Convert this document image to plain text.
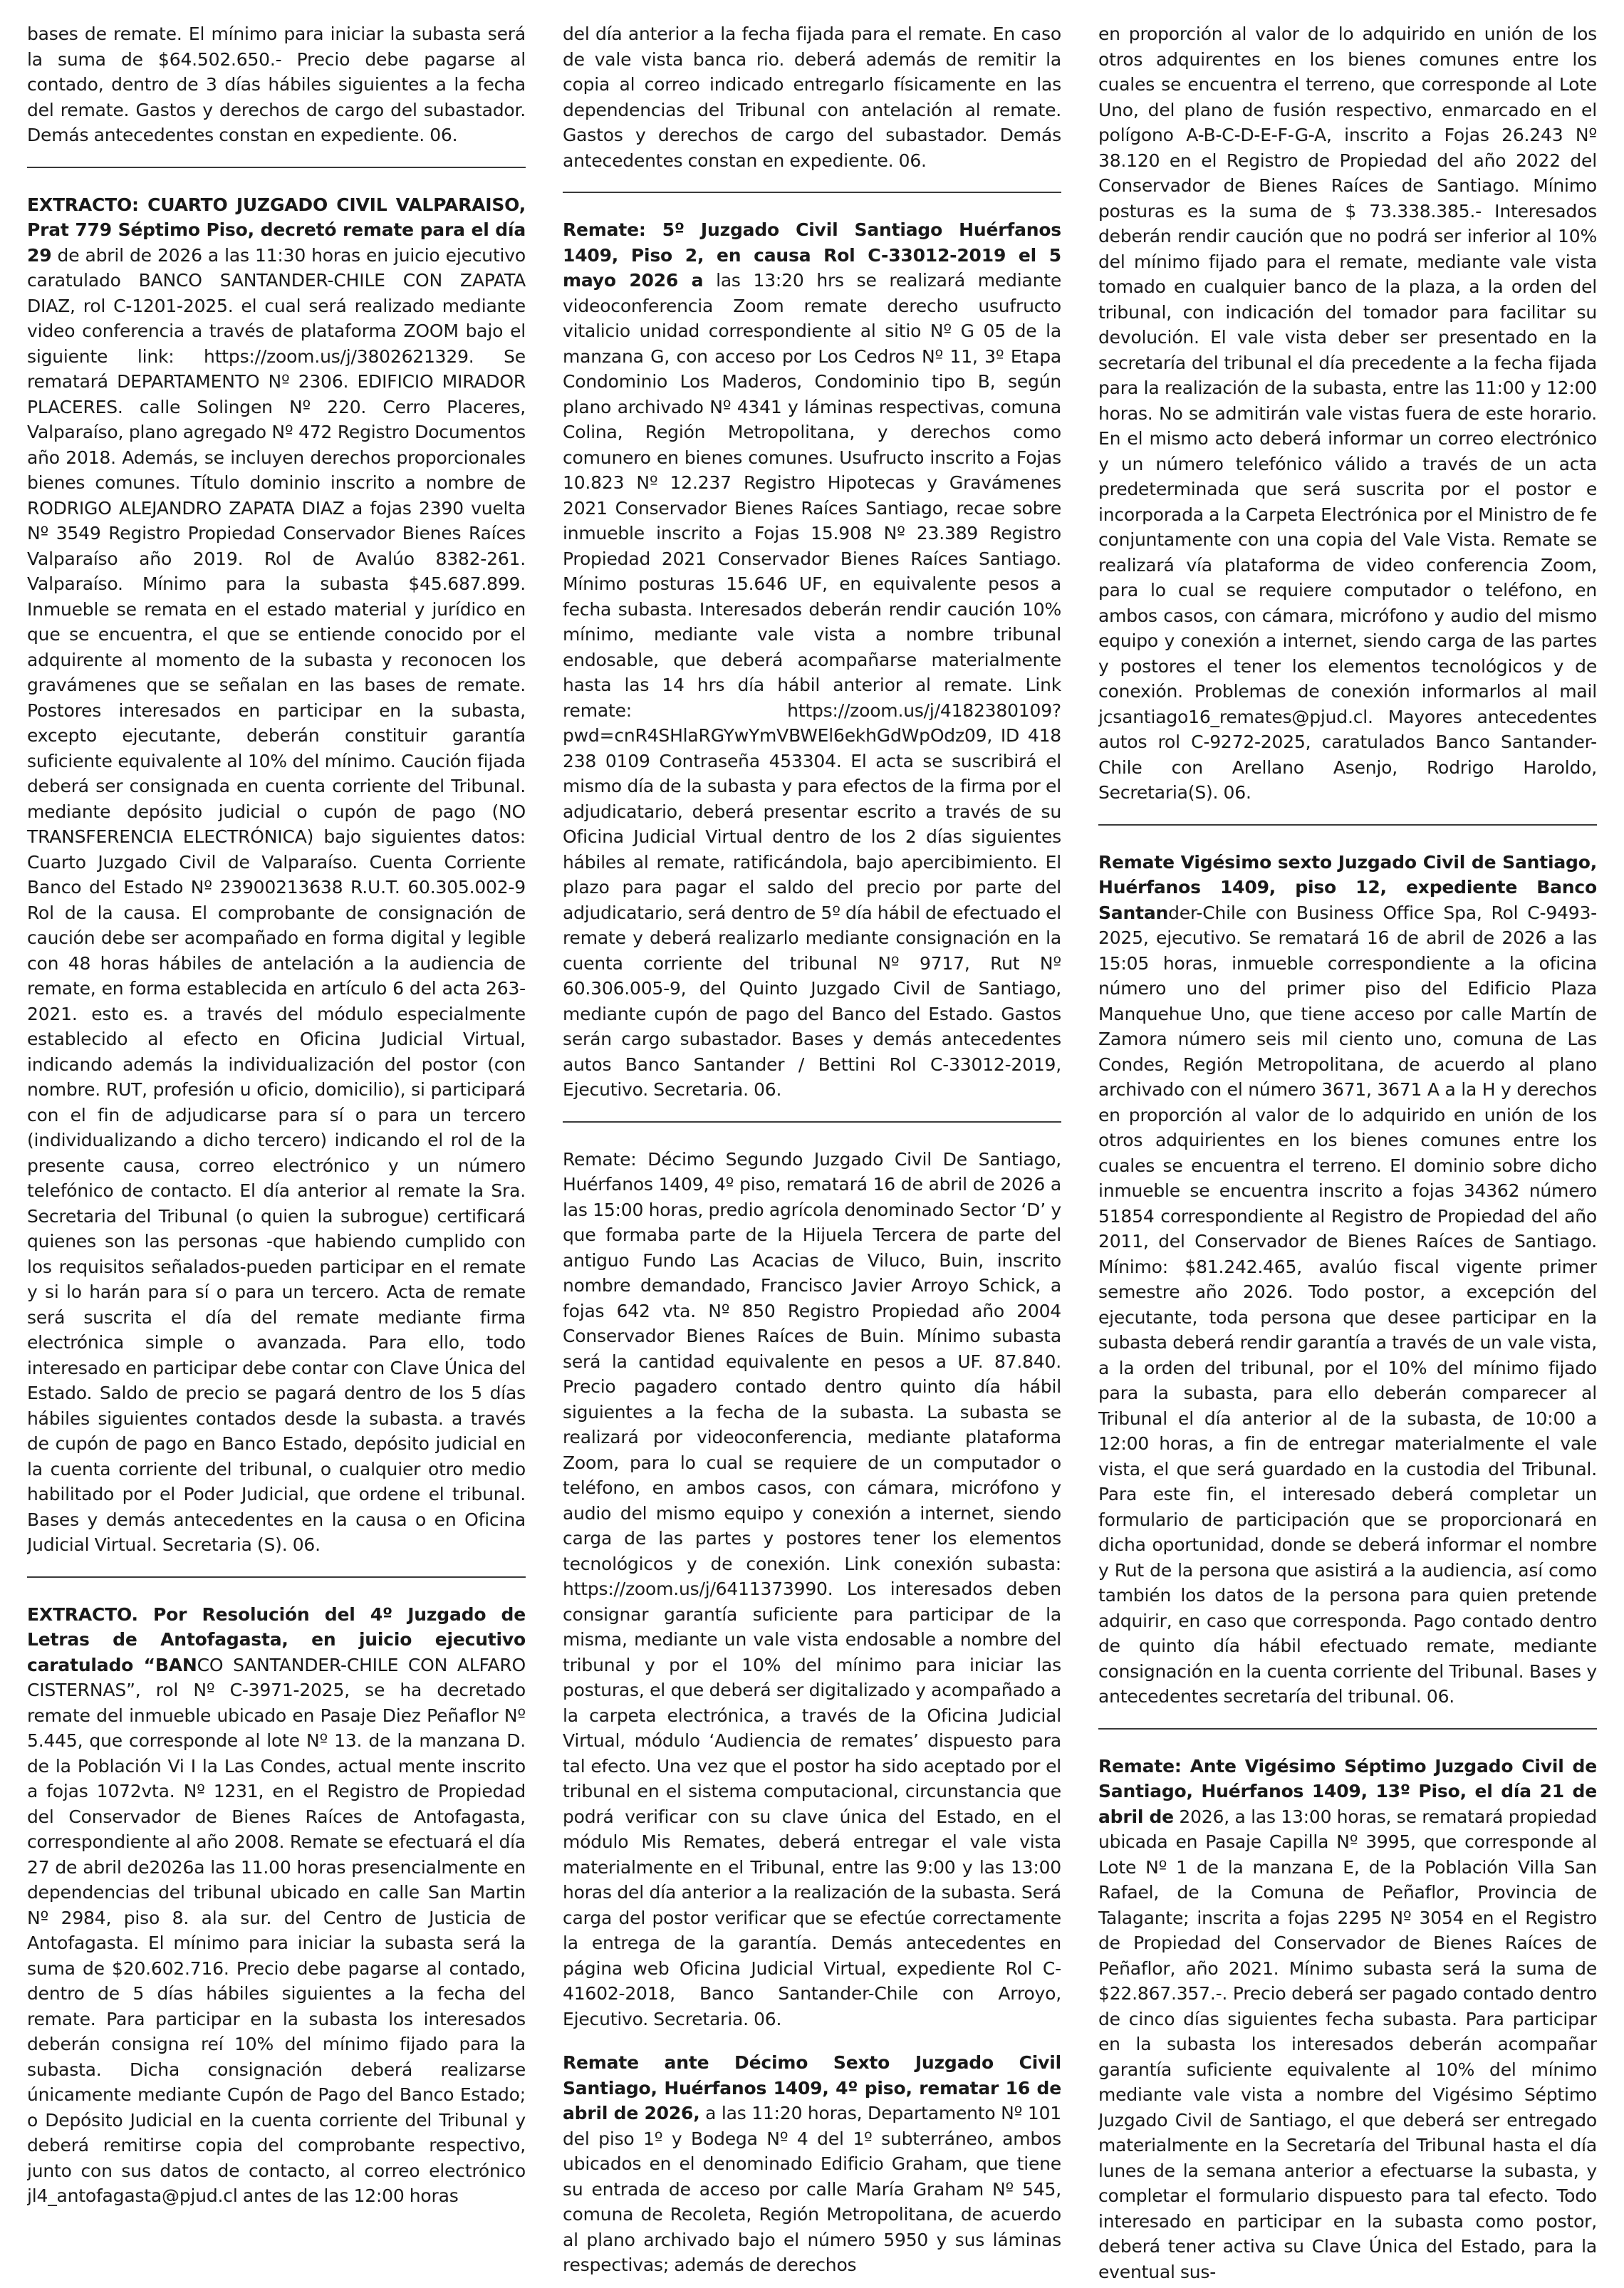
bases de remate. El mínimo para iniciar la subasta será la suma de $64.502.650.- Precio debe pagarse al contado, dentro de 3 días hábiles siguientes a la fecha del remate. Gastos y derechos de cargo del subastador. Demás antecedentes constan en expediente. 06.

EXTRACTO: CUARTO JUZGADO CIVIL VALPARAISO, Prat 779 Séptimo Piso, decretó remate para el día 29 de abril de 2026 a las 11:30 horas en juicio ejecutivo caratulado BANCO SANTANDER-CHILE CON ZAPATA DIAZ, rol C-1201-2025. el cual será realizado mediante video conferencia a través de plataforma ZOOM bajo el siguiente link: https://zoom.us/j/3802621329. Se rematará DEPARTAMENTO Nº 2306. EDIFICIO MIRADOR PLACERES. calle Solingen Nº 220. Cerro Placeres, Valparaíso, plano agregado Nº 472 Registro Documentos año 2018. Además, se incluyen derechos proporcionales bienes comunes. Título dominio inscrito a nombre de RODRIGO ALEJANDRO ZAPATA DIAZ a fojas 2390 vuelta Nº 3549 Registro Propiedad Conservador Bienes Raíces Valparaíso año 2019. Rol de Avalúo 8382-261. Valparaíso. Mínimo para la subasta $45.687.899. Inmueble se remata en el estado material y jurídico en que se encuentra, el que se entiende conocido por el adquirente al momento de la subasta y reconocen los gravámenes que se señalan en las bases de remate. Postores interesados en participar en la subasta, excepto ejecutante, deberán constituir garantía suficiente equivalente al 10% del mínimo. Caución fijada deberá ser consignada en cuenta corriente del Tribunal. mediante depósito judicial o cupón de pago (NO TRANSFERENCIA ELECTRÓNICA) bajo siguientes datos: Cuarto Juzgado Civil de Valparaíso. Cuenta Corriente Banco del Estado Nº 23900213638 R.U.T. 60.305.002-9 Rol de la causa. El comprobante de consignación de caución debe ser acompañado en forma digital y legible con 48 horas hábiles de antelación a la audiencia de remate, en forma establecida en artículo 6 del acta 263-2021. esto es. a través del módulo especialmente establecido al efecto en Oficina Judicial Virtual, indicando además la individualización del postor (con nombre. RUT, profesión u oficio, domicilio), si participará con el fin de adjudicarse para sí o para un tercero (individualizando a dicho tercero) indicando el rol de la presente causa, correo electrónico y un número telefónico de contacto. El día anterior al remate la Sra. Secretaria del Tribunal (o quien la subrogue) certificará quienes son las personas -que habiendo cumplido con los requisitos señalados-pueden participar en el remate y si lo harán para sí o para un tercero. Acta de remate será suscrita el día del remate mediante firma electrónica simple o avanzada. Para ello, todo interesado en participar debe contar con Clave Única del Estado. Saldo de precio se pagará dentro de los 5 días hábiles siguientes contados desde la subasta. a través de cupón de pago en Banco Estado, depósito judicial en la cuenta corriente del tribunal, o cualquier otro medio habilitado por el Poder Judicial, que ordene el tribunal. Bases y demás antecedentes en la causa o en Oficina Judicial Virtual. Secretaria (S). 06.

EXTRACTO. Por Resolución del 4º Juzgado de Letras de Antofagasta, en juicio ejecutivo caratulado “BANCO SANTANDER-CHILE CON ALFARO CISTERNAS”, rol Nº C-3971-2025, se ha decretado remate del inmueble ubicado en Pasaje Diez Peñaflor Nº 5.445, que corresponde al lote Nº 13. de la manzana D. de la Población Vi I la Las Condes, actual mente inscrito a fojas 1072vta. Nº 1231, en el Registro de Propiedad del Conservador de Bienes Raíces de Antofagasta, correspondiente al año 2008. Remate se efectuará el día 27 de abril de2026a las 11.00 horas presencialmente en dependencias del tribunal ubicado en calle San Martin Nº 2984, piso 8. ala sur. del Centro de Justicia de Antofagasta. El mínimo para iniciar la subasta será la suma de $20.602.716. Precio debe pagarse al contado, dentro de 5 días hábiles siguientes a la fecha del remate. Para participar en la subasta los interesados deberán consigna reí 10% del mínimo fijado para la subasta. Dicha consignación deberá realizarse únicamente mediante Cupón de Pago del Banco Estado; o Depósito Judicial en la cuenta corriente del Tribunal y deberá remitirse copia del comprobante respectivo, junto con sus datos de contacto, al correo electrónico jl4_antofagasta@pjud.cl antes de las 12:00 horas

del día anterior a la fecha fijada para el remate. En caso de vale vista banca rio. deberá además de remitir la copia al correo indicado entregarlo físicamente en las dependencias del Tribunal con antelación al remate. Gastos y derechos de cargo del subastador. Demás antecedentes constan en expediente. 06.

Remate: 5º Juzgado Civil Santiago Huérfanos 1409, Piso 2, en causa Rol C-33012-2019 el 5 mayo 2026 a las 13:20 hrs se realizará mediante videoconferencia Zoom remate derecho usufructo vitalicio unidad correspondiente al sitio Nº G 05 de la manzana G, con acceso por Los Cedros Nº 11, 3º Etapa Condominio Los Maderos, Condominio tipo B, según plano archivado Nº 4341 y láminas respectivas, comuna Colina, Región Metropolitana, y derechos como comunero en bienes comunes. Usufructo inscrito a Fojas 10.823 Nº 12.237 Registro Hipotecas y Gravámenes 2021 Conservador Bienes Raíces Santiago, recae sobre inmueble inscrito a Fojas 15.908 Nº 23.389 Registro Propiedad 2021 Conservador Bienes Raíces Santiago. Mínimo posturas 15.646 UF, en equivalente pesos a fecha subasta. Interesados deberán rendir caución 10% mínimo, mediante vale vista a nombre tribunal endosable, que deberá acompañarse materialmente hasta las 14 hrs día hábil anterior al remate. Link remate: https://zoom.us/j/4182380109?pwd=cnR4SHlaRGYwYmVBWEl6ekhGdWpOdz09, ID 418 238 0109 Contraseña 453304. El acta se suscribirá el mismo día de la subasta y para efectos de la firma por el adjudicatario, deberá presentar escrito a través de su Oficina Judicial Virtual dentro de los 2 días siguientes hábiles al remate, ratificándola, bajo apercibimiento. El plazo para pagar el saldo del precio por parte del adjudicatario, será dentro de 5º día hábil de efectuado el remate y deberá realizarlo mediante consignación en la cuenta corriente del tribunal Nº 9717, Rut Nº 60.306.005-9, del Quinto Juzgado Civil de Santiago, mediante cupón de pago del Banco del Estado. Gastos serán cargo subastador. Bases y demás antecedentes autos Banco Santander / Bettini Rol C-33012-2019, Ejecutivo. Secretaria. 06.

Remate: Décimo Segundo Juzgado Civil De Santiago, Huérfanos 1409, 4º piso, rematará 16 de abril de 2026 a las 15:00 horas, predio agrícola denominado Sector ‘D’ y que formaba parte de la Hijuela Tercera de parte del antiguo Fundo Las Acacias de Viluco, Buin, inscrito nombre demandado, Francisco Javier Arroyo Schick, a fojas 642 vta. Nº 850 Registro Propiedad año 2004 Conservador Bienes Raíces de Buin. Mínimo subasta será la cantidad equivalente en pesos a UF. 87.840. Precio pagadero contado dentro quinto día hábil siguientes a la fecha de la subasta. La subasta se realizará por videoconferencia, mediante plataforma Zoom, para lo cual se requiere de un computador o teléfono, en ambos casos, con cámara, micrófono y audio del mismo equipo y conexión a internet, siendo carga de las partes y postores tener los elementos tecnológicos y de conexión. Link conexión subasta: https://zoom.us/j/6411373990. Los interesados deben consignar garantía suficiente para participar de la misma, mediante un vale vista endosable a nombre del tribunal y por el 10% del mínimo para iniciar las posturas, el que deberá ser digitalizado y acompañado a la carpeta electrónica, a través de la Oficina Judicial Virtual, módulo ‘Audiencia de remates’ dispuesto para tal efecto. Una vez que el postor ha sido aceptado por el tribunal en el sistema computacional, circunstancia que podrá verificar con su clave única del Estado, en el módulo Mis Remates, deberá entregar el vale vista materialmente en el Tribunal, entre las 9:00 y las 13:00 horas del día anterior a la realización de la subasta. Será carga del postor verificar que se efectúe correctamente la entrega de la garantía. Demás antecedentes en página web Oficina Judicial Virtual, expediente Rol C-41602-2018, Banco Santander-Chile con Arroyo, Ejecutivo. Secretaria. 06.

Remate ante Décimo Sexto Juzgado Civil Santiago, Huérfanos 1409, 4º piso, rematar 16 de abril de 2026, a las 11:20 horas, Departamento Nº 101 del piso 1º y Bodega Nº 4 del 1º subterráneo, ambos ubicados en el denominado Edificio Graham, que tiene su entrada de acceso por calle María Graham Nº 545, comuna de Recoleta, Región Metropolitana, de acuerdo al plano archivado bajo el número 5950 y sus láminas respectivas; además de derechos

en proporción al valor de lo adquirido en unión de los otros adquirentes en los bienes comunes entre los cuales se encuentra el terreno, que corresponde al Lote Uno, del plano de fusión respectivo, enmarcado en el polígono A-B-C-D-E-F-G-A, inscrito a Fojas 26.243 Nº 38.120 en el Registro de Propiedad del año 2022 del Conservador de Bienes Raíces de Santiago. Mínimo posturas es la suma de $ 73.338.385.- Interesados deberán rendir caución que no podrá ser inferior al 10% del mínimo fijado para el remate, mediante vale vista tomado en cualquier banco de la plaza, a la orden del tribunal, con indicación del tomador para facilitar su devolución. El vale vista deber ser presentado en la secretaría del tribunal el día precedente a la fecha fijada para la realización de la subasta, entre las 11:00 y 12:00 horas. No se admitirán vale vistas fuera de este horario. En el mismo acto deberá informar un correo electrónico y un número telefónico válido a través de un acta predeterminada que será suscrita por el postor e incorporada a la Carpeta Electrónica por el Ministro de fe conjuntamente con una copia del Vale Vista. Remate se realizará vía plataforma de video conferencia Zoom, para lo cual se requiere computador o teléfono, en ambos casos, con cámara, micrófono y audio del mismo equipo y conexión a internet, siendo carga de las partes y postores el tener los elementos tecnológicos y de conexión. Problemas de conexión informarlos al mail jcsantiago16_remates@pjud.cl. Mayores antecedentes autos rol C-9272-2025, caratulados Banco Santander-Chile con Arellano Asenjo, Rodrigo Haroldo, Secretaria(S). 06.

Remate Vigésimo sexto Juzgado Civil de Santiago, Huérfanos 1409, piso 12, expediente Banco Santander-Chile con Business Office Spa, Rol C-9493-2025, ejecutivo. Se rematará 16 de abril de 2026 a las 15:05 horas, inmueble correspondiente a la oficina número uno del primer piso del Edificio Plaza Manquehue Uno, que tiene acceso por calle Martín de Zamora número seis mil ciento uno, comuna de Las Condes, Región Metropolitana, de acuerdo al plano archivado con el número 3671, 3671 A a la H y derechos en proporción al valor de lo adquirido en unión de los otros adquirientes en los bienes comunes entre los cuales se encuentra el terreno. El dominio sobre dicho inmueble se encuentra inscrito a fojas 34362 número 51854 correspondiente al Registro de Propiedad del año 2011, del Conservador de Bienes Raíces de Santiago. Mínimo: $81.242.465, avalúo fiscal vigente primer semestre año 2026. Todo postor, a excepción del ejecutante, toda persona que desee participar en la subasta deberá rendir garantía a través de un vale vista, a la orden del tribunal, por el 10% del mínimo fijado para la subasta, para ello deberán comparecer al Tribunal el día anterior al de la subasta, de 10:00 a 12:00 horas, a fin de entregar materialmente el vale vista, el que será guardado en la custodia del Tribunal. Para este fin, el interesado deberá completar un formulario de participación que se proporcionará en dicha oportunidad, donde se deberá informar el nombre y Rut de la persona que asistirá a la audiencia, así como también los datos de la persona para quien pretende adquirir, en caso que corresponda. Pago contado dentro de quinto día hábil efectuado remate, mediante consignación en la cuenta corriente del Tribunal. Bases y antecedentes secretaría del tribunal. 06.

Remate: Ante Vigésimo Séptimo Juzgado Civil de Santiago, Huérfanos 1409, 13º Piso, el día 21 de abril de 2026, a las 13:00 horas, se rematará propiedad ubicada en Pasaje Capilla Nº 3995, que corresponde al Lote Nº 1 de la manzana E, de la Población Villa San Rafael, de la Comuna de Peñaflor, Provincia de Talagante; inscrita a fojas 2295 Nº 3054 en el Registro de Propiedad del Conservador de Bienes Raíces de Peñaflor, año 2021. Mínimo subasta será la suma de $22.867.357.-. Precio deberá ser pagado contado dentro de cinco días siguientes fecha subasta. Para participar en la subasta los interesados deberán acompañar garantía suficiente equivalente al 10% del mínimo mediante vale vista a nombre del Vigésimo Séptimo Juzgado Civil de Santiago, el que deberá ser entregado materialmente en la Secretaría del Tribunal hasta el día lunes de la semana anterior a efectuarse la subasta, y completar el formulario dispuesto para tal efecto. Todo interesado en participar en la subasta como postor, deberá tener activa su Clave Única del Estado, para la eventual sus-
